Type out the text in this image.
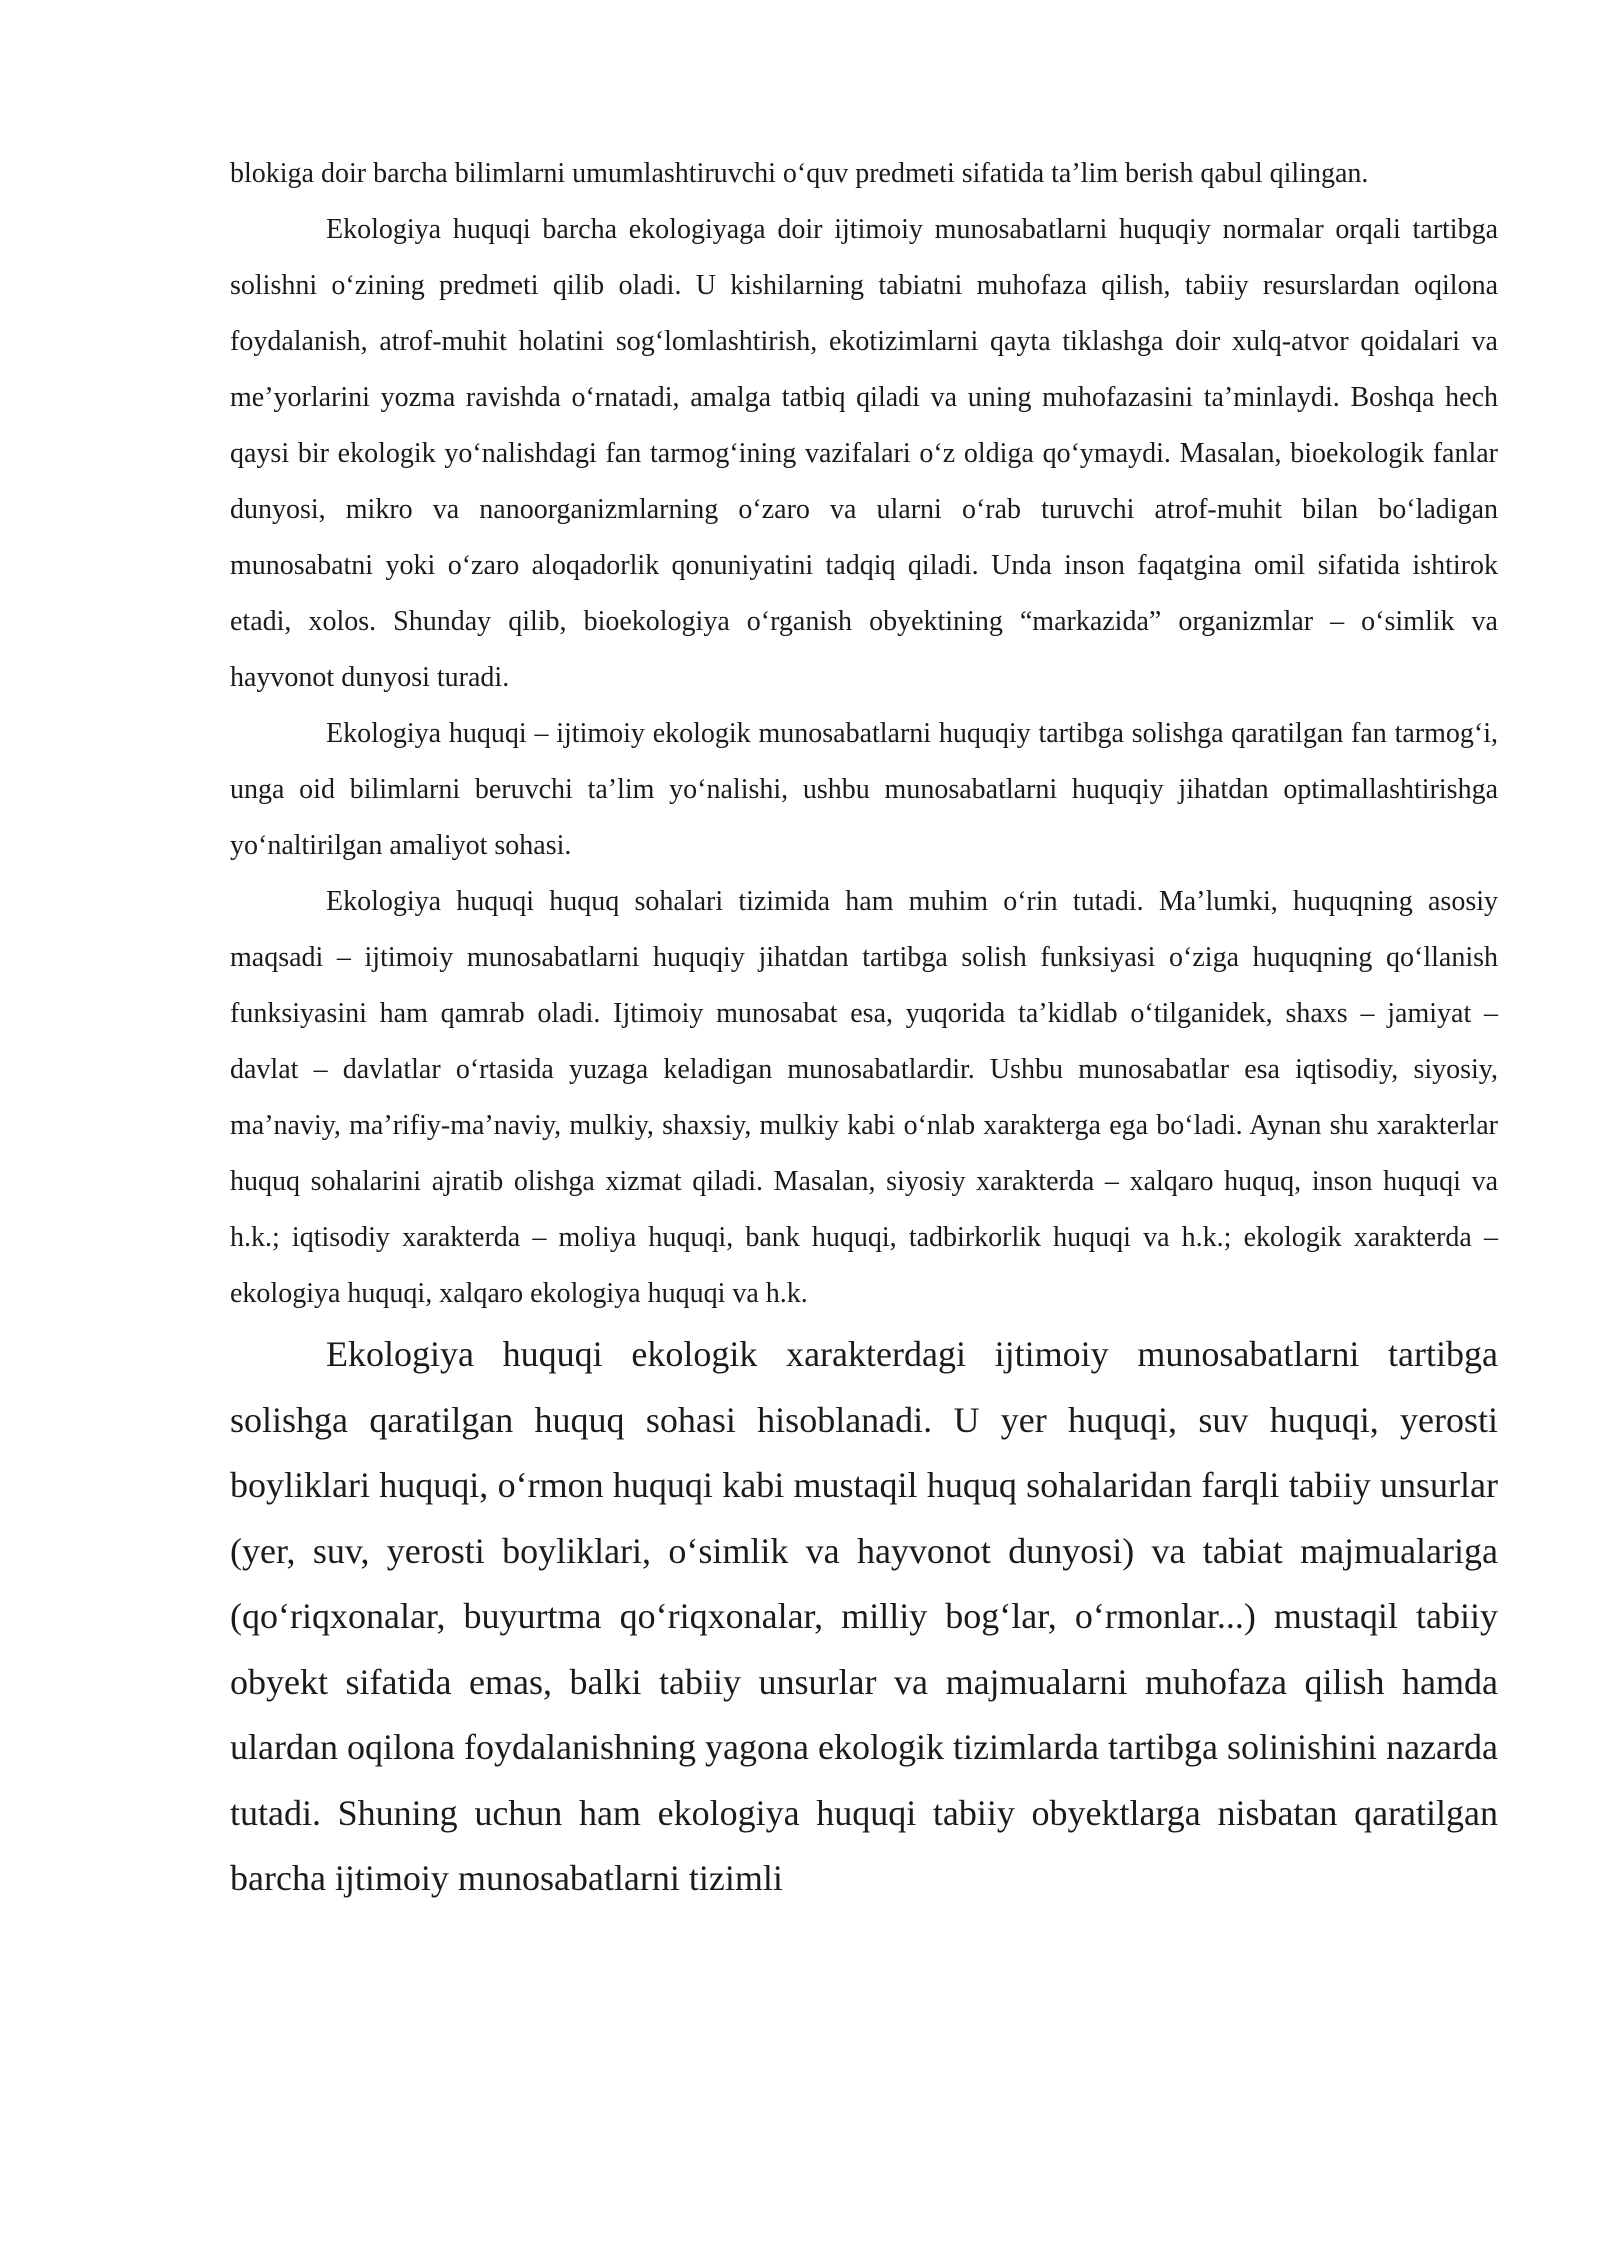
blokiga doir barcha bilimlarni umumlashtiruvchi o‘quv predmeti sifatida ta’lim berish qabul qilingan.

Ekologiya huquqi barcha ekologiyaga doir ijtimoiy munosabatlarni huquqiy normalar orqali tartibga solishni o‘zining predmeti qilib oladi. U kishilarning tabiatni muhofaza qilish, tabiiy resurslardan oqilona foydalanish, atrof-muhit holatini sog‘lomlashtirish, ekotizimlarni qayta tiklashga doir xulq-atvor qoidalari va me’yorlarini yozma ravishda o‘rnatadi, amalga tatbiq qiladi va uning muhofazasini ta’minlaydi. Boshqa hech qaysi bir ekologik yo‘nalishdagi fan tarmog‘ining vazifalari o‘z oldiga qo‘ymaydi. Masalan, bioekologik fanlar dunyosi, mikro va nanoorganizmlarning o‘zaro va ularni o‘rab turuvchi atrof-muhit bilan bo‘ladigan munosabatni yoki o‘zaro aloqadorlik qonuniyatini tadqiq qiladi. Unda inson faqatgina omil sifatida ishtirok etadi, xolos. Shunday qilib, bioekologiya o‘rganish obyektining “markazida” organizmlar – o‘simlik va hayvonot dunyosi turadi.

Ekologiya huquqi – ijtimoiy ekologik munosabatlarni huquqiy tartibga solishga qaratilgan fan tarmog‘i, unga oid bilimlarni beruvchi ta’lim yo‘nalishi, ushbu munosabatlarni huquqiy jihatdan optimallashtirishga yo‘naltirilgan amaliyot sohasi.

Ekologiya huquqi huquq sohalari tizimida ham muhim o‘rin tutadi. Ma’lumki, huquqning asosiy maqsadi – ijtimoiy munosabatlarni huquqiy jihatdan tartibga solish funksiyasi o‘ziga huquqning qo‘llanish funksiyasini ham qamrab oladi. Ijtimoiy munosabat esa, yuqorida ta’kidlab o‘tilganidek, shaxs – jamiyat – davlat – davlatlar o‘rtasida yuzaga keladigan munosabatlardir. Ushbu munosabatlar esa iqtisodiy, siyosiy, ma’naviy, ma’rifiy-ma’naviy, mulkiy, shaxsiy, mulkiy kabi o‘nlab xarakterga ega bo‘ladi. Aynan shu xarakterlar huquq sohalarini ajratib olishga xizmat qiladi. Masalan, siyosiy xarakterda – xalqaro huquq, inson huquqi va h.k.; iqtisodiy xarakterda – moliya huquqi, bank huquqi, tadbirkorlik huquqi va h.k.; ekologik xarakterda – ekologiya huquqi, xalqaro ekologiya huquqi va h.k.

Ekologiya huquqi ekologik xarakterdagi ijtimoiy munosabatlarni tartibga solishga qaratilgan huquq sohasi hisoblanadi. U yer huquqi, suv huquqi, yerosti boyliklari huquqi, o‘rmon huquqi kabi mustaqil huquq sohalaridan farqli tabiiy unsurlar (yer, suv, yerosti boyliklari, o‘simlik va hayvonot dunyosi) va tabiat majmualariga (qo‘riqxonalar, buyurtma qo‘riqxonalar, milliy bog‘lar, o‘rmonlar...) mustaqil tabiiy obyekt sifatida emas, balki tabiiy unsurlar va majmualarni muhofaza qilish hamda ulardan oqilona foydalanishning yagona ekologik tizimlarda tartibga solinishini nazarda tutadi. Shuning uchun ham ekologiya huquqi tabiiy obyektlarga nisbatan qaratilgan barcha ijtimoiy munosabatlarni tizimli
